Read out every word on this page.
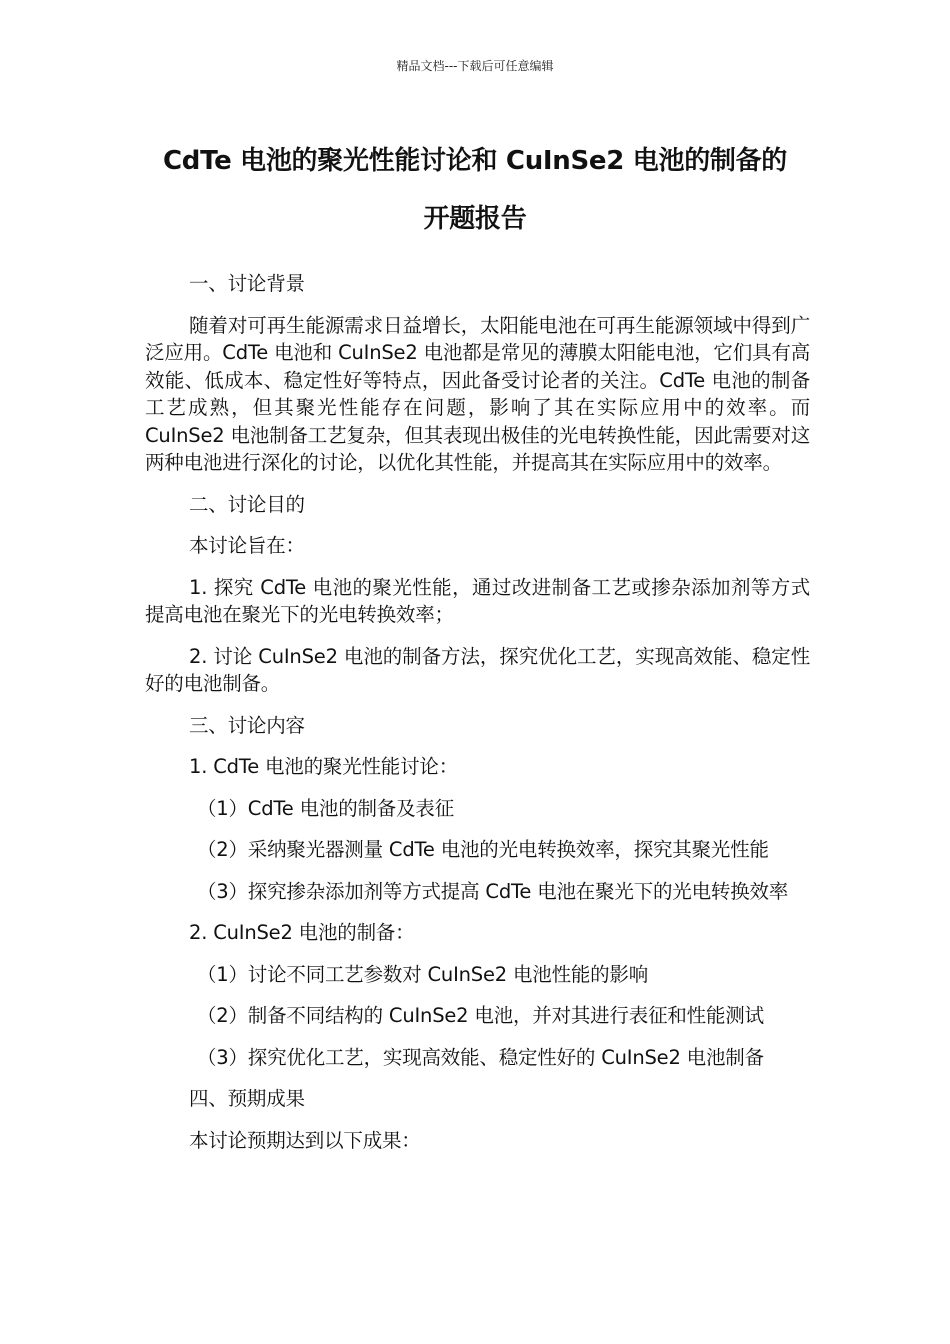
精品文档---下载后可任意编辑
CdTe 电池的聚光性能讨论和 CuInSe2 电池的制备的
开题报告
一、讨论背景
随着对可再生能源需求日益增长，太阳能电池在可再生能源领域中得到广泛应用。CdTe 电池和 CuInSe2 电池都是常见的薄膜太阳能电池，它们具有高效能、低成本、稳定性好等特点，因此备受讨论者的关注。CdTe 电池的制备工艺成熟，但其聚光性能存在问题，影响了其在实际应用中的效率。而 CuInSe2 电池制备工艺复杂，但其表现出极佳的光电转换性能，因此需要对这两种电池进行深化的讨论，以优化其性能，并提高其在实际应用中的效率。
二、讨论目的
本讨论旨在：
1. 探究 CdTe 电池的聚光性能，通过改进制备工艺或掺杂添加剂等方式提高电池在聚光下的光电转换效率；
2. 讨论 CuInSe2 电池的制备方法，探究优化工艺，实现高效能、稳定性好的电池制备。
三、讨论内容
1. CdTe 电池的聚光性能讨论：
（1）CdTe 电池的制备及表征
（2）采纳聚光器测量 CdTe 电池的光电转换效率，探究其聚光性能
（3）探究掺杂添加剂等方式提高 CdTe 电池在聚光下的光电转换效率
2. CuInSe2 电池的制备：
（1）讨论不同工艺参数对 CuInSe2 电池性能的影响
（2）制备不同结构的 CuInSe2 电池，并对其进行表征和性能测试
（3）探究优化工艺，实现高效能、稳定性好的 CuInSe2 电池制备
四、预期成果
本讨论预期达到以下成果：
